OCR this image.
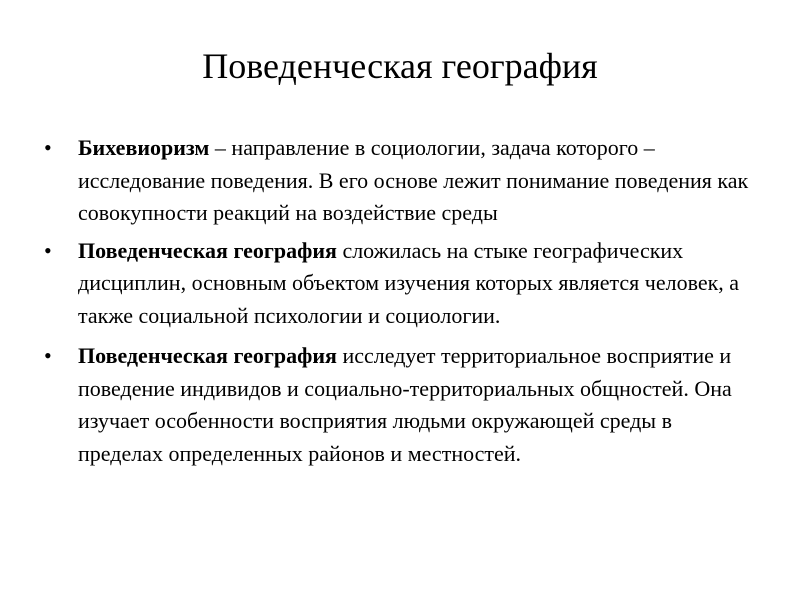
Поведенческая география
• Бихевиоризм – направление в социологии, задача которого – исследование поведения. В его основе лежит понимание поведения как совокупности реакций на воздействие среды
• Поведенческая география сложилась на стыке географических дисциплин, основным объектом изучения которых является человек, а также социальной психологии и социологии.
• Поведенческая география исследует территориальное восприятие и поведение индивидов и социально-территориальных общностей. Она изучает особенности восприятия людьми окружающей среды в пределах определенных районов и местностей.
